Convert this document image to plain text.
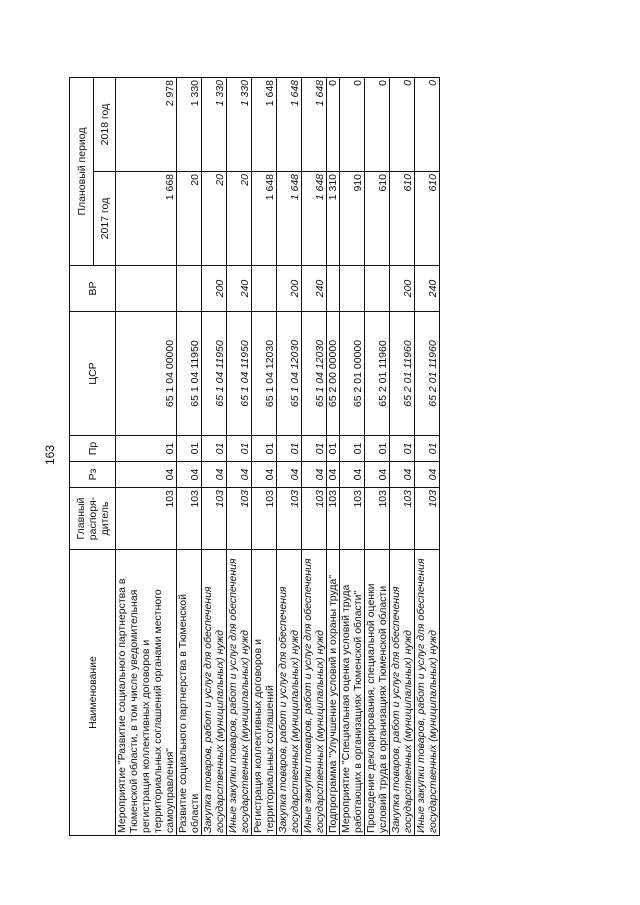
163
Наименование	Главный распоря-дитель	Рз	Пр	ЦСР	ВР	Плановый период	
						2017 год	2018 год
Мероприятие "Развитие социального партнерства в Тюменской области, в том числе уведомительная регистрация коллективных договоров и территориальных соглашений органами местного самоуправления"	103	04	01	65 1 04 00000		1 668	2 978
Развитие социального партнерства в Тюменской области	103	04	01	65 1 04 11950		20	1 330
Закупка товаров, работ и услуг для обеспечения государственных (муниципальных) нужд	103	04	01	65 1 04 11950	200	20	1 330
Иные закупки товаров, работ и услуг для обеспечения государственных (муниципальных) нужд	103	04	01	65 1 04 11950	240	20	1 330
Регистрация коллективных договоров и территориальных соглашений	103	04	01	65 1 04 12030		1 648	1 648
Закупка товаров, работ и услуг для обеспечения государственных (муниципальных) нужд	103	04	01	65 1 04 12030	200	1 648	1 648
Иные закупки товаров, работ и услуг для обеспечения государственных (муниципальных) нужд	103	04	01	65 1 04 12030	240	1 648	1 648
Подпрограмма "Улучшение условий и охраны труда"	103	04	01	65 2 00 00000		1 310	0
Мероприятие "Специальная оценка условий труда работающих в организациях Тюменской области"	103	04	01	65 2 01 00000		910	0
Проведение декларирования, специальной оценки условий труда в организациях Тюменской области	103	04	01	65 2 01 11960		610	0
Закупка товаров, работ и услуг для обеспечения государственных (муниципальных) нужд	103	04	01	65 2 01 11960	200	610	0
Иные закупки товаров, работ и услуг для обеспечения государственных (муниципальных) нужд	103	04	01	65 2 01 11960	240	610	0
